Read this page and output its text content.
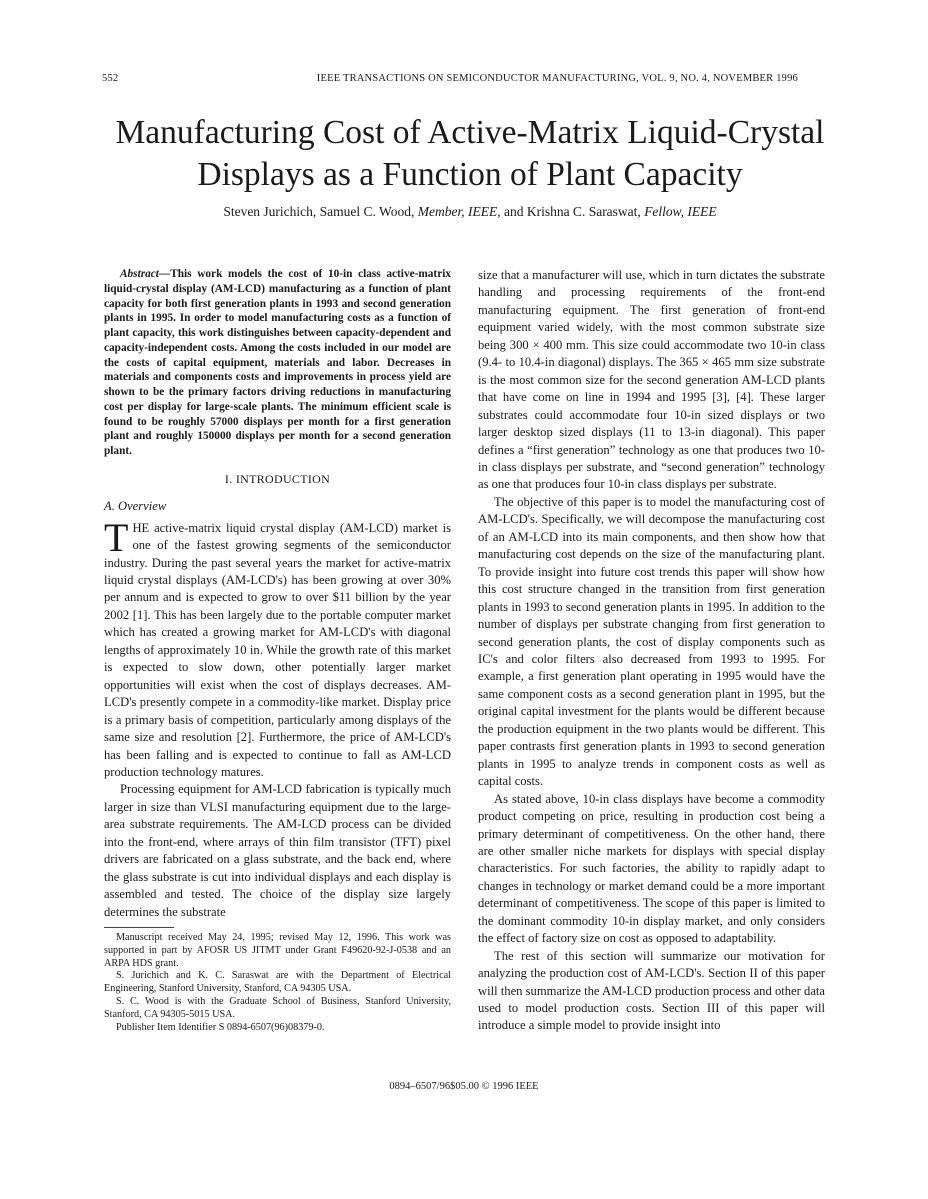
552	IEEE TRANSACTIONS ON SEMICONDUCTOR MANUFACTURING, VOL. 9, NO. 4, NOVEMBER 1996
Manufacturing Cost of Active-Matrix Liquid-Crystal Displays as a Function of Plant Capacity
Steven Jurichich, Samuel C. Wood, Member, IEEE, and Krishna C. Saraswat, Fellow, IEEE

Abstract—This work models the cost of 10-in class active-matrix liquid-crystal display (AM-LCD) manufacturing as a function of plant capacity for both first generation plants in 1993 and second generation plants in 1995. In order to model manufacturing costs as a function of plant capacity, this work distinguishes between capacity-dependent and capacity-independent costs. Among the costs included in our model are the costs of capital equipment, materials and labor. Decreases in materials and components costs and improvements in process yield are shown to be the primary factors driving reductions in manufacturing cost per display for large-scale plants. The minimum efficient scale is found to be roughly 57000 displays per month for a first generation plant and roughly 150000 displays per month for a second generation plant.

I. INTRODUCTION
A. Overview

THE active-matrix liquid crystal display (AM-LCD) market is one of the fastest growing segments of the semiconductor industry. During the past several years the market for active-matrix liquid crystal displays (AM-LCD's) has been growing at over 30% per annum and is expected to grow to over $11 billion by the year 2002 [1]. This has been largely due to the portable computer market which has created a growing market for AM-LCD's with diagonal lengths of approximately 10 in. While the growth rate of this market is expected to slow down, other potentially larger market opportunities will exist when the cost of displays decreases. AM-LCD's presently compete in a commodity-like market. Display price is a primary basis of competition, particularly among displays of the same size and resolution [2]. Furthermore, the price of AM-LCD's has been falling and is expected to continue to fall as AM-LCD production technology matures.

Processing equipment for AM-LCD fabrication is typically much larger in size than VLSI manufacturing equipment due to the large-area substrate requirements. The AM-LCD process can be divided into the front-end, where arrays of thin film transistor (TFT) pixel drivers are fabricated on a glass substrate, and the back end, where the glass substrate is cut into individual displays and each display is assembled and tested. The choice of the display size largely determines the substrate

Manuscript received May 24, 1995; revised May 12, 1996. This work was supported in part by AFOSR US JITMT under Grant F49620-92-J-0538 and an ARPA HDS grant.

S. Jurichich and K. C. Saraswat are with the Department of Electrical Engineering, Stanford University, Stanford, CA 94305 USA.

S. C. Wood is with the Graduate School of Business, Stanford University, Stanford, CA 94305-5015 USA.

Publisher Item Identifier S 0894-6507(96)08379-0.

size that a manufacturer will use, which in turn dictates the substrate handling and processing requirements of the front-end manufacturing equipment. The first generation of front-end equipment varied widely, with the most common substrate size being 300 × 400 mm. This size could accommodate two 10-in class (9.4- to 10.4-in diagonal) displays. The 365 × 465 mm size substrate is the most common size for the second generation AM-LCD plants that have come on line in 1994 and 1995 [3], [4]. These larger substrates could accommodate four 10-in sized displays or two larger desktop sized displays (11 to 13-in diagonal). This paper defines a “first generation” technology as one that produces two 10-in class displays per substrate, and “second generation” technology as one that produces four 10-in class displays per substrate.

The objective of this paper is to model the manufacturing cost of AM-LCD's. Specifically, we will decompose the manufacturing cost of an AM-LCD into its main components, and then show how that manufacturing cost depends on the size of the manufacturing plant. To provide insight into future cost trends this paper will show how this cost structure changed in the transition from first generation plants in 1993 to second generation plants in 1995. In addition to the number of displays per substrate changing from first generation to second generation plants, the cost of display components such as IC's and color filters also decreased from 1993 to 1995. For example, a first generation plant operating in 1995 would have the same component costs as a second generation plant in 1995, but the original capital investment for the plants would be different because the production equipment in the two plants would be different. This paper contrasts first generation plants in 1993 to second generation plants in 1995 to analyze trends in component costs as well as capital costs.

As stated above, 10-in class displays have become a commodity product competing on price, resulting in production cost being a primary determinant of competitiveness. On the other hand, there are other smaller niche markets for displays with special display characteristics. For such factories, the ability to rapidly adapt to changes in technology or market demand could be a more important determinant of competitiveness. The scope of this paper is limited to the dominant commodity 10-in display market, and only considers the effect of factory size on cost as opposed to adaptability.

The rest of this section will summarize our motivation for analyzing the production cost of AM-LCD's. Section II of this paper will then summarize the AM-LCD production process and other data used to model production costs. Section III of this paper will introduce a simple model to provide insight into

0894–6507/96$05.00 © 1996 IEEE
